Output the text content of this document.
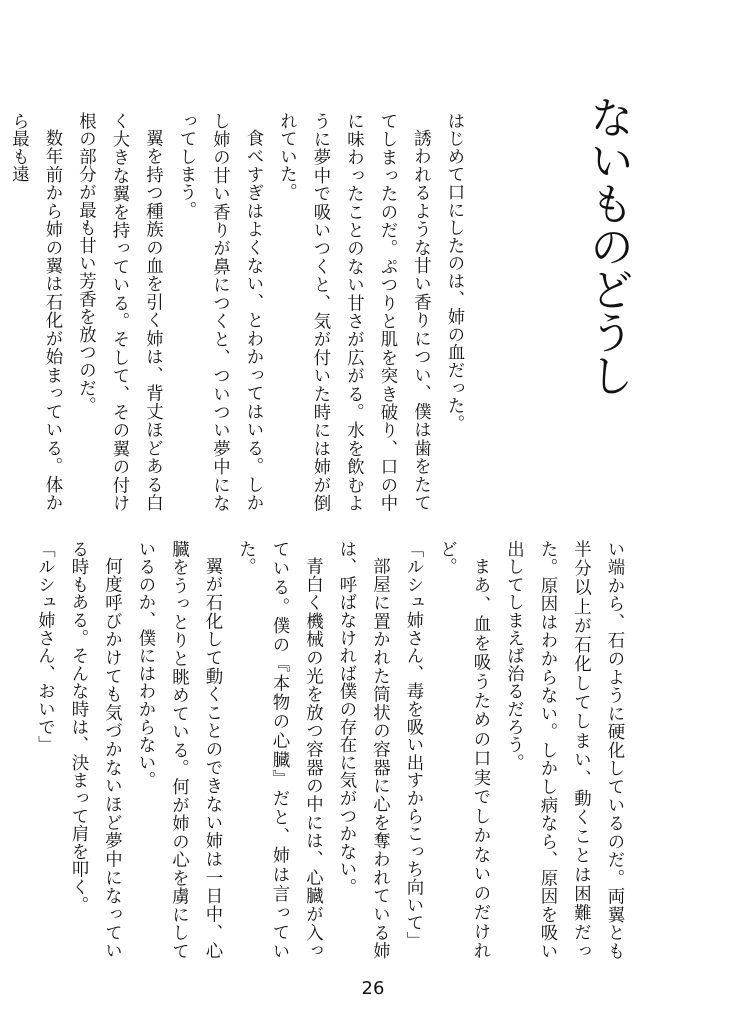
ないものどうし

はじめて口にしたのは、姉の血だった。

誘われるような甘い香りについ、僕は歯をたててしまったのだ。ぷつりと肌を突き破り、口の中に味わったことのない甘さが広がる。水を飲むように夢中で吸いつくと、気が付いた時には姉が倒れていた。

食べすぎはよくない、とわかってはいる。しかし姉の甘い香りが鼻につくと、ついつい夢中になってしまう。

翼を持つ種族の血を引く姉は、背丈ほどある白く大きな翼を持っている。そして、その翼の付け根の部分が最も甘い芳香を放つのだ。

数年前から姉の翼は石化が始まっている。体から最も遠

い端から、石のように硬化しているのだ。両翼とも半分以上が石化してしまい、動くことは困難だった。原因はわからない。しかし病なら、原因を吸い出してしまえば治るだろう。

まあ、血を吸うための口実でしかないのだけれど。

「ルシュ姉さん、毒を吸い出すからこっち向いて」

部屋に置かれた筒状の容器に心を奪われている姉は、呼ばなければ僕の存在に気がつかない。

青白く機械の光を放つ容器の中には、心臓が入っている。僕の『本物の心臓』だと、姉は言っていた。

翼が石化して動くことのできない姉は一日中、心臓をうっとりと眺めている。何が姉の心を虜にしているのか、僕にはわからない。

何度呼びかけても気づかないほど夢中になっている時もある。そんな時は、決まって肩を叩く。

「ルシュ姉さん、おいで」

26
